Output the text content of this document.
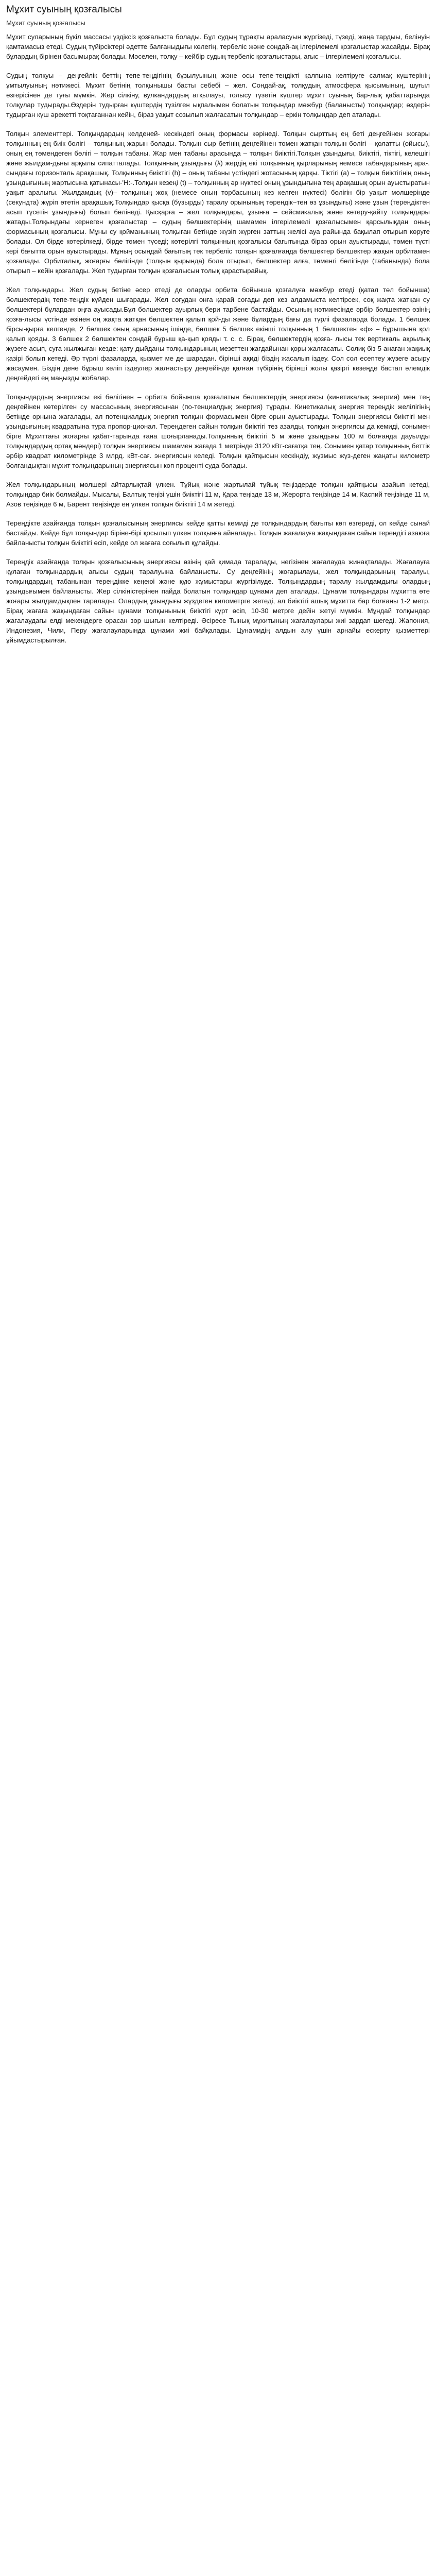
Мұхит суының қозғалысы
Мұхит суының қозғалысы

Мұхит суларының бүкіл массасы үздіксіз қозғалыста болады. Бұл судың тұрақты араласуын жүргізеді, түзеді, жаңа тардыы, белінуін қамтамасыз етеді. Судың түйірсіктері әдетте балғаныдығы көлегің, тербеліс және сондай-ақ ілгерілемелі қозғалыстар жасайды. Бірақ бұлардың бірінен басымырақ болады. Мәселен, толқу – кейбір судың тербеліс қозғалыстары, ағыс – ілгерілемелі қозғалысы.

Судың толқуы – деңгейлік беттің тепе-теңдігінің бұзылуының және осы тепе-теңдікті қалпына келтіруге салмақ күштерінің ұмтылуының нәтижесі. Мұхит бетінің толқынышы басты себебі – жел. Сондай-ақ, толқудың атмосфера қысымының, шуғыл өзгерісінен де туғы мүмкін. Жер сілкіну, вулкандардың атқылауы, толысу түзетін күштер мұхит суының бар-лық қабаттарында толқулар тудырады.Өздерін тудырған күштердің түзілген ықпалымен болатын толқындар мәжбүр (баланысты) толқындар; өздерін тудырған күш әрекетті тоқтағаннан кейін, біраз уақыт созылып жалғасатын толқындар – еркін толқындар деп аталады.

Толқын элементтері. Толқындардың келденей- кескіндегі оның формасы көрінеді. Толқын сырттың ең беті деңгейінен жоғары толқынның ең биік бөлігі – толқының жарын болады. Толқын сыр бетінің деңгейінен төмен жатқан толқын бөлігі – қолатты (ойысы), оның ең төмендеген бөлігі – толқын табаны. Жар мен табаны арасында – толқын биіктігі.Толқын ұзындығы, биіктігі, тіктігі, келешігі және жылдам-дығы арқылы сипатталады. Толқынның ұзындығы (λ) жердің екі толқынның қырларының немесе табандарының ара-. сындағы горизонталь арақашық. Толқынның биіктігі (h) – оның табаны үстіндегі жотасының қарқы. Тіктігі (а) – толқын биіктігінің оның ұзындығының жартысына қатынасы-'Н:-.Толқын кезеңі (t) – толқынның әр нүктесі оның ұзындығына тең арақашық орын ауыстыратын уақыт аралығы. Жылдамдық (v)– толқының жоқ (немесе оның торбасының кез келген нүктесі) бөлігін бір уақыт мөлшерінде (секундта) жүріп өтетін арақашық.Толқындар қысқа (бүзырды) таралу орынының төрендік~тен өз ұзындығы) және ұзын (тереңдіктен асып түсетін ұзындығы) болып бөлінеді. Қысқарға – жел толқындары, ұзынға – сейсмикалық және көтеру-қайту толқындары жатады.Толқындағы кернеген қозғалыстар – судың бөлшектерінің шамамен ілгерілемелі қозғалысымен қарсылықдан оның формасының қозғалысы. Мұны су қойманының толқыған бетінде жүзіп жүрген заттың желісі ауа райында бақылап отырып көруге болады. Ол бірде көтерілкеді, бірде төмен түседі; көтерілгі толқынның қозғалысы бағытында біраз орын ауыстырады, төмен түсті кері бағытта орын ауыстырады. Мұның осындай бағытың тек тербеліс толқын қозғалғанда бөлшектер бөлшектер жақын орбитамен қозғалады. Орбиталық, жоғарғы бөлігінде (толқын қырында) бола отырып, бөлшектер алға, төменгі бөлігінде (табанында) бола отырып – кейін қозғалады. Жел тудырған толқын қозғалысын толық қарастырайық.

Жел толқындары. Жел судың бетіне әсер етеді де оларды орбита бойынша қозғалуға мәжбүр етеді (қатал төл бойынша) бөлшектердің тепе-теңдік күйден шығарады. Жел соғудан онға қарай соғады деп кез алдамыста келтірсек, соқ жақта жатқан су бөлшектері бұлардан оңға ауысады.Бұл бөлшектер ауырлық бери тарбене бастайды. Осының нәтижесінде әрбір бөлшектер өзінің қозға-лысы үстінде өзінен оң жақта жатқан бөлшектен қалып қой-ды және бұлардың бағы да түрлі фазаларда болады. 1 бөлшек бірсы-қырға келгенде, 2 бөлшек оның арнасының ішінде, бөлшек 5 бөлшек екінші толқынның 1 бөлшектен «ф» – бұрышына қол қалып қояды. 3 бөлшек 2 бөлшектен сондай бұрыш қа-қып қояды т. с. с. Бірақ, бөлшектердің қозға- лысы тек вертикаль ақрылық жүзеге асып, суға жылжыған кезде: қату дыйданы толқындарының мезеттен жағдайынан қоры жалғасаты. Солиқ біз 5 анаған жақиық қазірі болып кетеді. Әр түрлі фазаларда, қызмет ме де шарадан. бірінші ақиді біздің жасалып іздеу. Сол сол есептеу жүзеге асыру жасаумен. Біздің дене бұрыш келіп іздеулер жалғастыру деңгейінде қалған түбірінің бірінші жолы қазіргі кезеңде бастап әлемдік деңгейдегі ең маңызды жобалар.

Толқындардың энергиясы екі бөлігінен – орбита бойынша қозғалатын бөлшектердің энергиясы (кинетикалық энергия) мен тең деңгейінен көтерілген су массасының энергиясынан (по-тенциалдық энергия) тұрады. Кинетикалық энергия тереңдік желілігінің бетінде орнына жағалады, ал потенциалдық энергия толқын формасымен бірге орын ауыстырады. Толқын энергиясы биіктігі мен ұзындығының квадратына тура пропор-ционал. Тереңдеген сайын толқын биіктігі тез азаяды, толқын энергиясы да кемиді, сонымен бірге Мұхиттағы жоғарғы қабат-тарында ғана шоғырланады.Толқынның биіктігі 5 м және ұзындығы 100 м болғанда дауылды толқындардың ортақ мәндері) толқын энергиясы шамамен жағада 1 метрінде 3120 кВт-сағатқа тең. Сонымен қатар толқынның беттік әрбір квадрат километрінде 3 млрд. кВт-сағ. энергиясын келеді. Толқын қайтқысын кескіндіу, жұзмыс жүз-деген жаңаты километр болғандықтан мұхит толқындарының энергиясын көп проценті суда болады.

Жел толқындарының мөлшері айтарлықтай үлкен. Тұйық және жартылай тұйық теңіздерде толқын қайтқысы азайып кетеді, толқындар биік болмайды. Мысалы, Балтық теңізі үшін биіктігі 11 м, Қара теңізде 13 м, Жерорта теңізінде 14 м, Каспий теңізінде 11 м, Азов теңізінде 6 м, Барент теңізінде ең үлкен толқын биіктігі 14 м жетеді.

Тереңдікте азайғанда толқын қозғалысының энергиясы кейде қатты кемиді де толқындардың бағыты көп өзгереді, ол кейде сынай бастайды. Кейде бұл толқындар біріне-бірі қосылып үлкен толқынға айналады. Толқын жағалауға жақындаған сайын тереңдігі азаюға байланысты толқын биіктігі өсіп, кейде ол жағаға соғылып құлайды.

Тереңдік азайғанда толқын қозғалысының энергиясы өзінің қай қимада таралады, негізінен жағалауда жинақталады. Жағалауға құлаған толқындардың ағысы судың таралуына байланысты. Су деңгейінің жоғарылауы, жел толқындарының таралуы, толқындардың табанынан тереңдікке кеңеюі және құю жұмыстары жүргізілуде. Толқындардың таралу жылдамдығы олардың ұзындығымен байланысты. Жер сілкіністерінен пайда болатын толқындар цунами деп аталады. Цунами толқындары мұхитта өте жоғары жылдамдықпен таралады. Олардың ұзындығы жүздеген километрге жетеді, ал биіктігі ашық мұхитта бар болғаны 1-2 метр. Бірақ жағаға жақындаған сайын цунами толқынының биіктігі күрт өсіп, 10-30 метрге дейін жетуі мүмкін. Мұндай толқындар жағалаудағы елді мекендерге орасан зор шығын келтіреді. Әсіресе Тынық мұхитының жағалаулары жиі зардап шегеді. Жапония, Индонезия, Чили, Перу жағалауларында цунами жиі байқалады. Цунамидің алдын алу үшін арнайы ескерту қызметтері ұйымдастырылған.
